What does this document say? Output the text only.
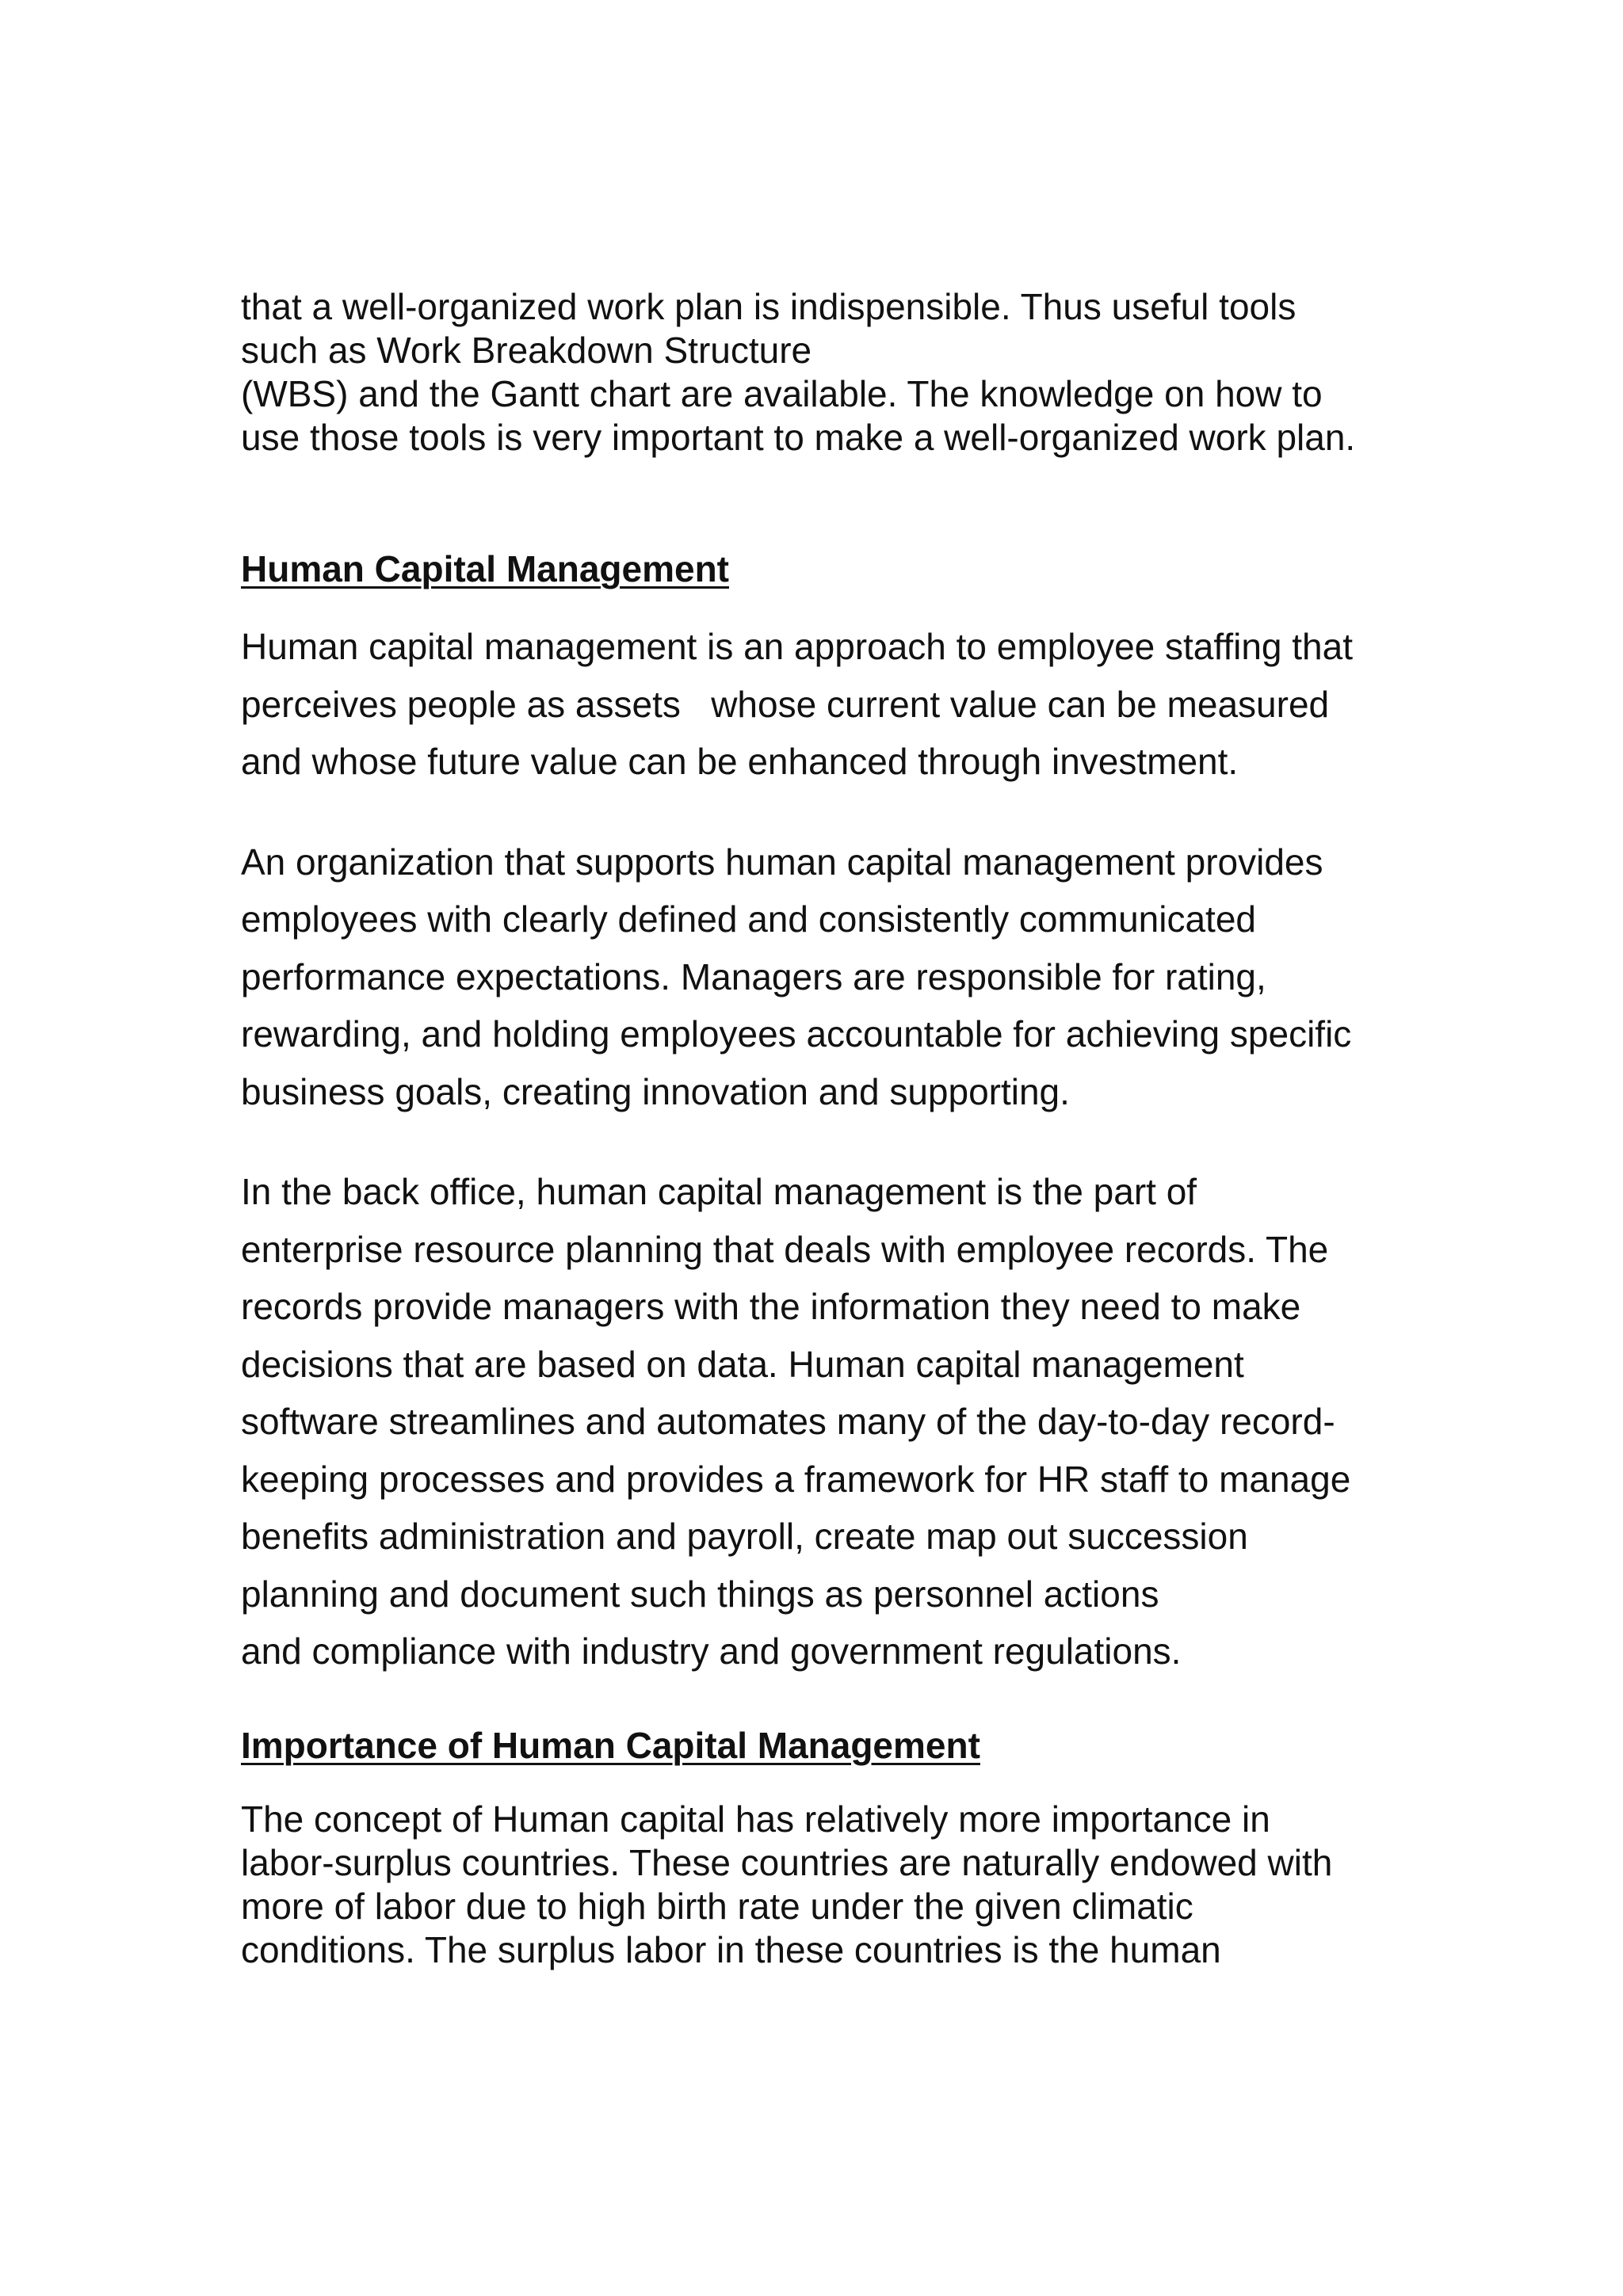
that a well-organized work plan is indispensible. Thus useful tools
such as Work Breakdown Structure
(WBS) and the Gantt chart are available. The knowledge on how to
use those tools is very important to make a well-organized work plan.
Human Capital Management
Human capital management is an approach to employee staffing that
perceives people as assets   whose current value can be measured
and whose future value can be enhanced through investment.
An organization that supports human capital management provides
employees with clearly defined and consistently communicated
performance expectations. Managers are responsible for rating,
rewarding, and holding employees accountable for achieving specific
business goals, creating innovation and supporting.
In the back office, human capital management is the part of
enterprise resource planning that deals with employee records. The
records provide managers with the information they need to make
decisions that are based on data. Human capital management
software streamlines and automates many of the day-to-day record-
keeping processes and provides a framework for HR staff to manage
benefits administration and payroll, create map out succession
planning and document such things as personnel actions
and compliance with industry and government regulations.
Importance of Human Capital Management
The concept of Human capital has relatively more importance in
labor-surplus countries. These countries are naturally endowed with
more of labor due to high birth rate under the given climatic
conditions. The surplus labor in these countries is the human
